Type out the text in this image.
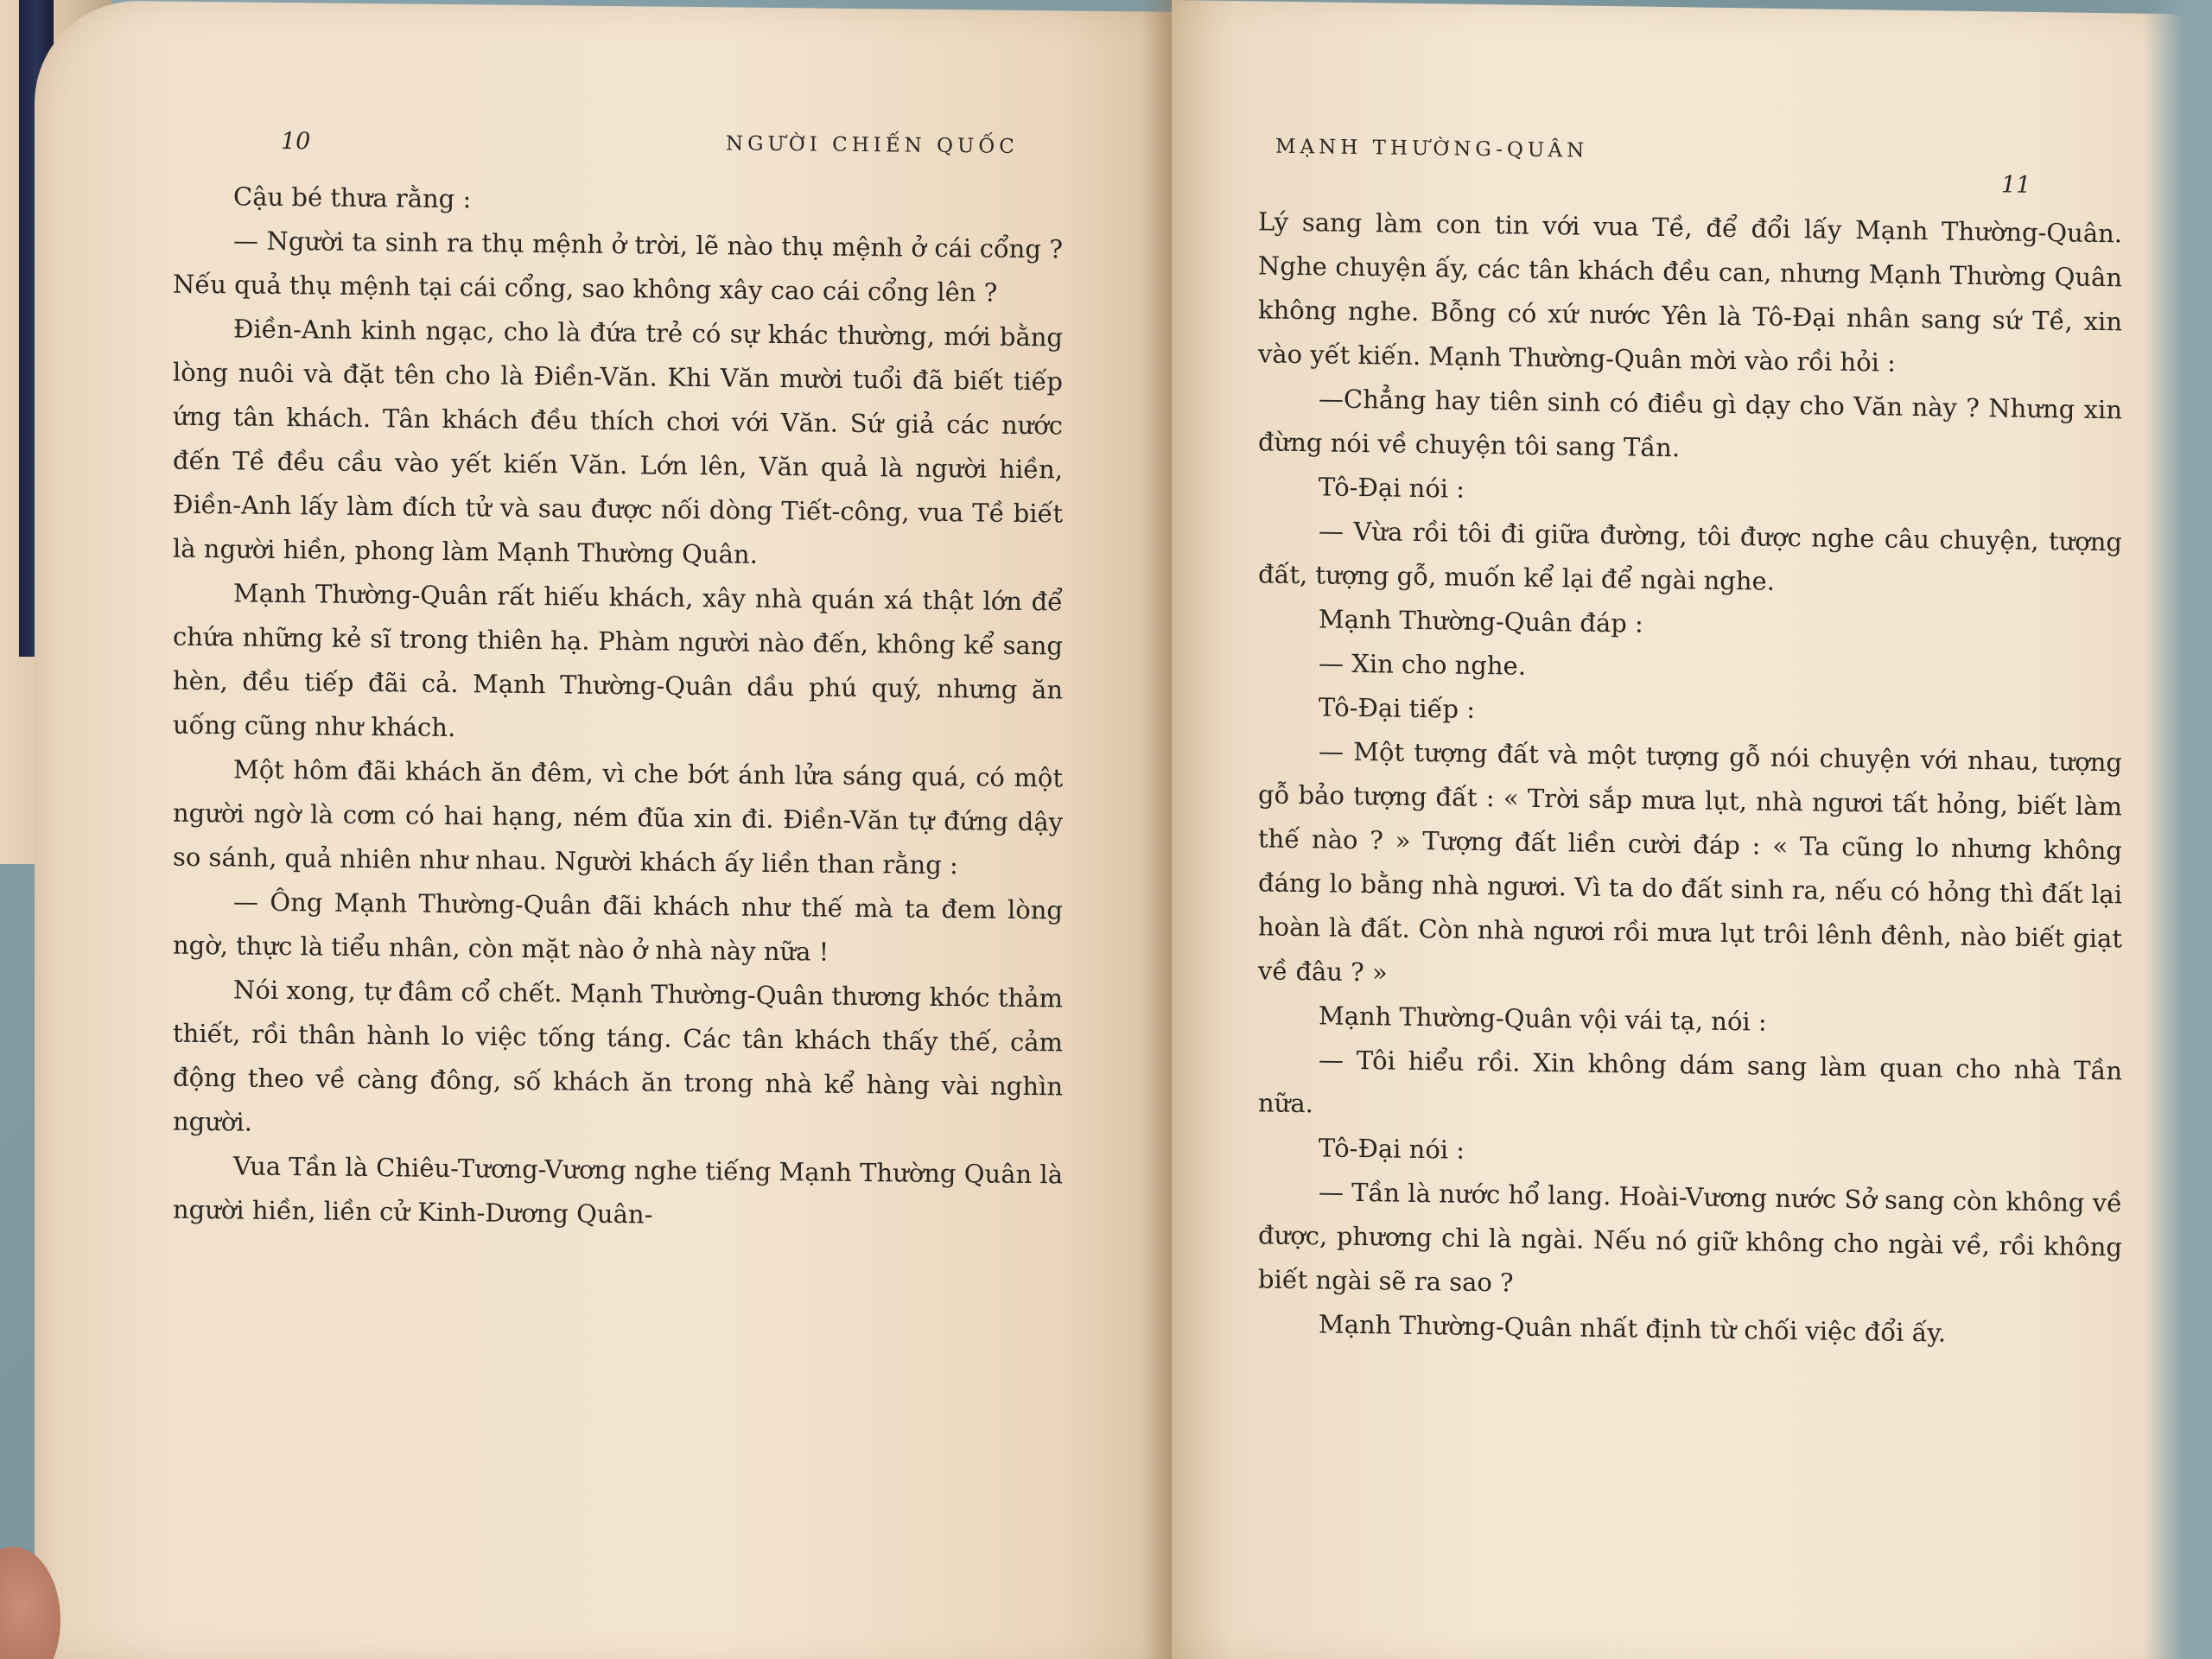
10	NGƯỜI CHIẾN QUỐC

Cậu bé thưa rằng :

— Người ta sinh ra thụ mệnh ở trời, lẽ nào thụ mệnh ở cái cổng ? Nếu quả thụ mệnh tại cái cổng, sao không xây cao cái cổng lên ?

Điền-Anh kinh ngạc, cho là đứa trẻ có sự khác thường, mới bằng lòng nuôi và đặt tên cho là Điền-Văn. Khi Văn mười tuổi đã biết tiếp ứng tân khách. Tân khách đều thích chơi với Văn. Sứ giả các nước đến Tề đều cầu vào yết kiến Văn. Lớn lên, Văn quả là người hiền, Điền-Anh lấy làm đích tử và sau được nối dòng Tiết-công, vua Tề biết là người hiền, phong làm Mạnh Thường Quân.

Mạnh Thường-Quân rất hiếu khách, xây nhà quán xá thật lớn để chứa những kẻ sĩ trong thiên hạ. Phàm người nào đến, không kể sang hèn, đều tiếp đãi cả. Mạnh Thường-Quân dầu phú quý, nhưng ăn uống cũng như khách.

Một hôm đãi khách ăn đêm, vì che bớt ánh lửa sáng quá, có một người ngờ là cơm có hai hạng, ném đũa xin đi. Điền-Văn tự đứng dậy so sánh, quả nhiên như nhau. Người khách ấy liền than rằng :

— Ông Mạnh Thường-Quân đãi khách như thế mà ta đem lòng ngờ, thực là tiểu nhân, còn mặt nào ở nhà này nữa !

Nói xong, tự đâm cổ chết. Mạnh Thường-Quân thương khóc thảm thiết, rồi thân hành lo việc tống táng. Các tân khách thấy thế, cảm động theo về càng đông, số khách ăn trong nhà kể hàng vài nghìn người.

Vua Tần là Chiêu-Tương-Vương nghe tiếng Mạnh Thường Quân là người hiền, liền cử Kinh-Dương Quân-

MẠNH THƯỜNG-QUÂN
11

Lý sang làm con tin với vua Tề, để đổi lấy Mạnh Thường-Quân. Nghe chuyện ấy, các tân khách đều can, nhưng Mạnh Thường Quân không nghe. Bỗng có xứ nước Yên là Tô-Đại nhân sang sứ Tề, xin vào yết kiến. Mạnh Thường-Quân mời vào rồi hỏi :

—Chẳng hay tiên sinh có điều gì dạy cho Văn này ? Nhưng xin đừng nói về chuyện tôi sang Tần.

Tô-Đại nói :

— Vừa rồi tôi đi giữa đường, tôi được nghe câu chuyện, tượng đất, tượng gỗ, muốn kể lại để ngài nghe.

Mạnh Thường-Quân đáp :

— Xin cho nghe.

Tô-Đại tiếp :

— Một tượng đất và một tượng gỗ nói chuyện với nhau, tượng gỗ bảo tượng đất : « Trời sắp mưa lụt, nhà ngươi tất hỏng, biết làm thế nào ? » Tượng đất liền cười đáp : « Ta cũng lo nhưng không đáng lo bằng nhà ngươi. Vì ta do đất sinh ra, nếu có hỏng thì đất lại hoàn là đất. Còn nhà ngươi rồi mưa lụt trôi lênh đênh, nào biết giạt về đâu ? »

Mạnh Thường-Quân vội vái tạ, nói :

— Tôi hiểu rồi. Xin không dám sang làm quan cho nhà Tần nữa.

Tô-Đại nói :

— Tần là nước hổ lang. Hoài-Vương nước Sở sang còn không về được, phương chi là ngài. Nếu nó giữ không cho ngài về, rồi không biết ngài sẽ ra sao ?

Mạnh Thường-Quân nhất định từ chối việc đổi ấy.
